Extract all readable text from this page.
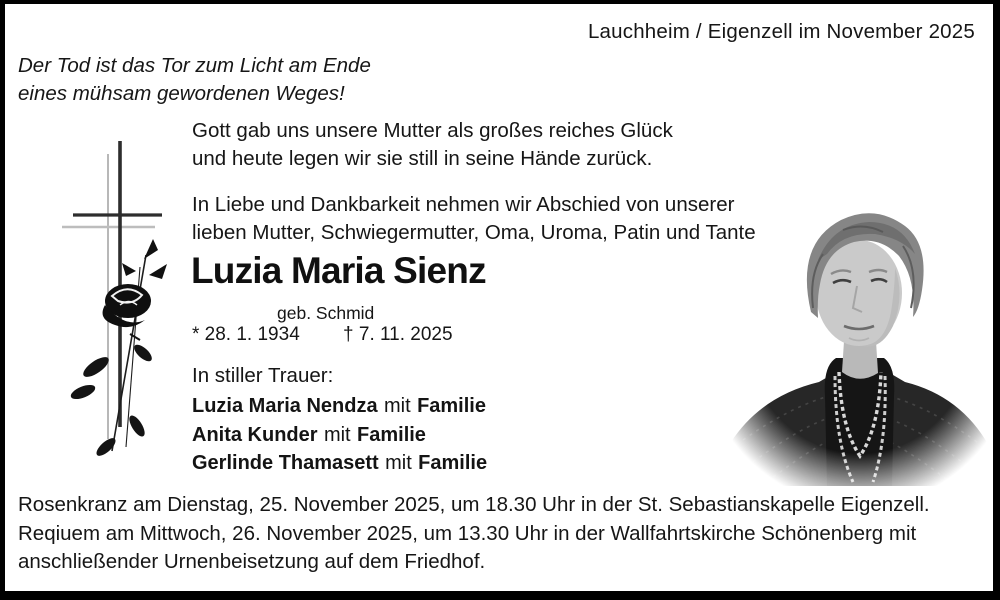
Lauchheim / Eigenzell im November 2025
Der Tod ist das Tor zum Licht am Ende
eines mühsam gewordenen Weges!
Gott gab uns unsere Mutter als großes reiches Glück
und heute legen wir sie still in seine Hände zurück.
In Liebe und Dankbarkeit nehmen wir Abschied von unserer
lieben Mutter, Schwiegermutter, Oma, Uroma, Patin und Tante
Luzia Maria Sienz
geb. Schmid
* 28. 1. 1934 † 7. 11. 2025
In stiller Trauer:
Luzia Maria Nendza mit Familie
Anita Kunder mit Familie
Gerlinde Thamasett mit Familie
Rosenkranz am Dienstag, 25. November 2025, um 18.30 Uhr in der St. Sebastianskapelle Eigenzell.
Reqiuem am Mittwoch, 26. November 2025, um 13.30 Uhr in der Wallfahrtskirche Schönenberg mit
anschließender Urnenbeisetzung auf dem Friedhof.
